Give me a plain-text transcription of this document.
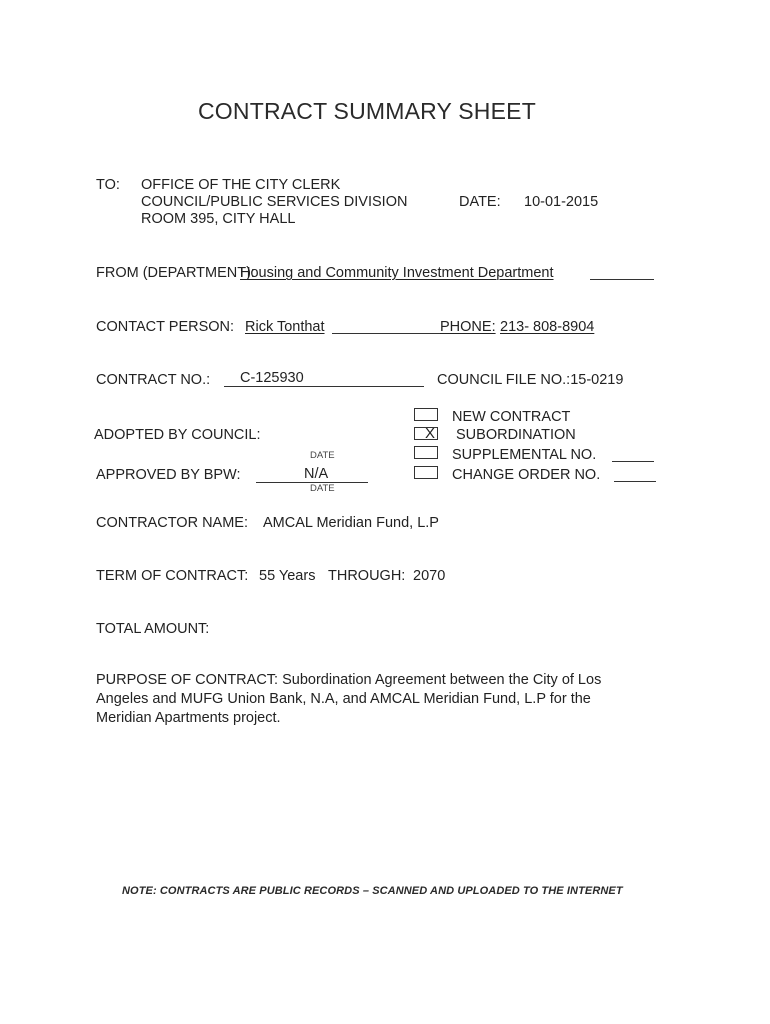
CONTRACT SUMMARY SHEET
TO: OFFICE OF THE CITY CLERK
COUNCIL/PUBLIC SERVICES DIVISION
ROOM 395, CITY HALL
DATE: 10-01-2015
FROM (DEPARTMENT):
Housing and Community Investment Department
CONTACT PERSON: Rick Tonthat	PHONE: 213- 808-8904
CONTRACT NO.: C-125930	COUNCIL FILE NO.:15-0219
NEW CONTRACT
X SUBORDINATION
SUPPLEMENTAL NO.
CHANGE ORDER NO.
ADOPTED BY COUNCIL:
DATE
APPROVED BY BPW:	N/A
DATE
CONTRACTOR NAME: AMCAL Meridian Fund, L.P
TERM OF CONTRACT: 55 Years THROUGH: 2070
TOTAL AMOUNT:
PURPOSE OF CONTRACT: Subordination Agreement between the City of Los Angeles and MUFG Union Bank, N.A, and AMCAL Meridian Fund, L.P for the Meridian Apartments project.
NOTE: CONTRACTS ARE PUBLIC RECORDS – SCANNED AND UPLOADED TO THE INTERNET
